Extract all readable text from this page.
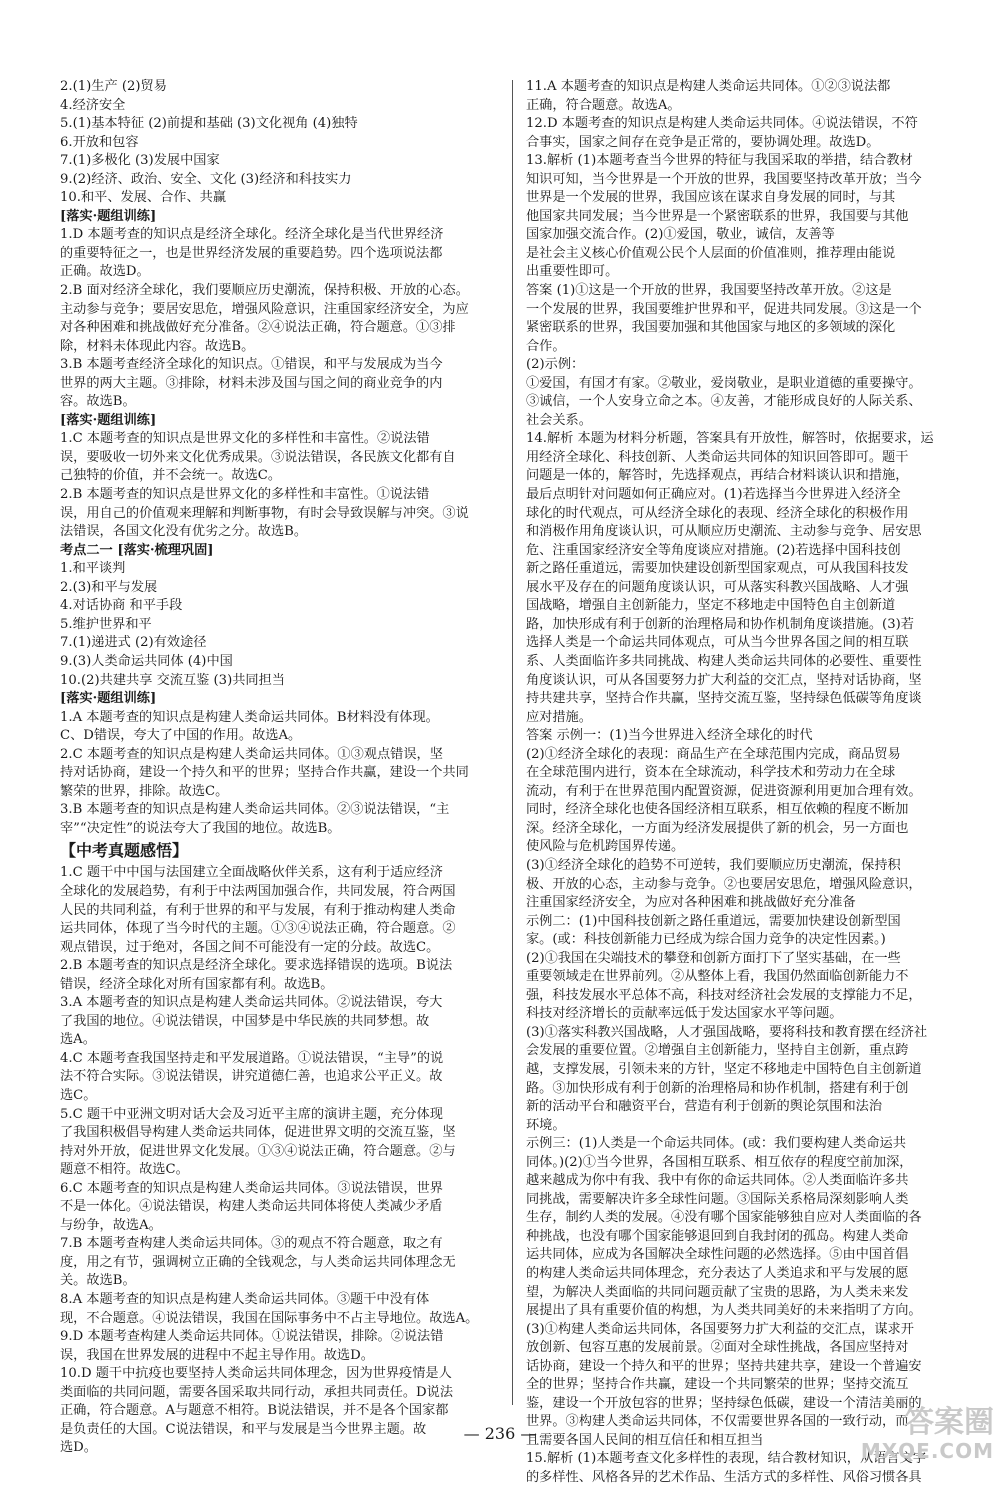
2.(1)生产 (2)贸易
4.经济安全
5.(1)基本特征 (2)前提和基础 (3)文化视角 (4)独特
6.开放和包容
7.(1)多极化 (3)发展中国家
9.(2)经济、政治、安全、文化 (3)经济和科技实力
10.和平、发展、合作、共赢
[落实·题组训练]
1.D 本题考查的知识点是经济全球化。经济全球化是当代世界经济
的重要特征之一，也是世界经济发展的重要趋势。四个选项说法都
正确。故选D。
2.B 面对经济全球化，我们要顺应历史潮流，保持积极、开放的心态。
主动参与竞争；要居安思危，增强风险意识，注重国家经济安全，为应
对各种困难和挑战做好充分准备。②④说法正确，符合题意。①③排
除，材料未体现此内容。故选B。
3.B 本题考查经济全球化的知识点。①错误，和平与发展成为当今
世界的两大主题。③排除，材料未涉及国与国之间的商业竞争的内
容。故选B。
[落实·题组训练]
1.C 本题考查的知识点是世界文化的多样性和丰富性。②说法错
误，要吸收一切外来文化优秀成果。③说法错误，各民族文化都有自
己独特的价值，并不会统一。故选C。
2.B 本题考查的知识点是世界文化的多样性和丰富性。①说法错
误，用自己的价值观来理解和判断事物，有时会导致误解与冲突。③说
法错误，各国文化没有优劣之分。故选B。
考点二一 [落实·梳理巩固]
1.和平谈判
2.(3)和平与发展
4.对话协商 和平手段
5.维护世界和平
7.(1)递进式 (2)有效途径
9.(3)人类命运共同体 (4)中国
10.(2)共建共享 交流互鉴 (3)共同担当
[落实·题组训练]
1.A 本题考查的知识点是构建人类命运共同体。B材料没有体现。
C、D错误，夸大了中国的作用。故选A。
2.C 本题考查的知识点是构建人类命运共同体。①③观点错误，坚
持对话协商，建设一个持久和平的世界；坚持合作共赢，建设一个共同
繁荣的世界，排除。故选C。
3.B 本题考查的知识点是构建人类命运共同体。②③说法错误，“主
宰”“决定性”的说法夸大了我国的地位。故选B。
【中考真题感悟】
1.C 题干中中国与法国建立全面战略伙伴关系，这有利于适应经济
全球化的发展趋势，有利于中法两国加强合作，共同发展，符合两国
人民的共同利益，有利于世界的和平与发展，有利于推动构建人类命
运共同体，体现了当今时代的主题。①③④说法正确，符合题意。②
观点错误，过于绝对，各国之间不可能没有一定的分歧。故选C。
2.B 本题考查的知识点是经济全球化。要求选择错误的选项。B说法
错误，经济全球化对所有国家都有利。故选B。
3.A 本题考查的知识点是构建人类命运共同体。②说法错误，夸大
了我国的地位。④说法错误，中国梦是中华民族的共同梦想。故
选A。
4.C 本题考查我国坚持走和平发展道路。①说法错误，“主导”的说
法不符合实际。③说法错误，讲究道德仁善，也追求公平正义。故
选C。
5.C 题干中亚洲文明对话大会及习近平主席的演讲主题，充分体现
了我国积极倡导构建人类命运共同体，促进世界文明的交流互鉴，坚
持对外开放，促进世界文化发展。①③④说法正确，符合题意。②与
题意不相符。故选C。
6.C 本题考查的知识点是构建人类命运共同体。③说法错误，世界
不是一体化。④说法错误，构建人类命运共同体将使人类减少矛盾
与纷争，故选A。
7.B 本题考查构建人类命运共同体。③的观点不符合题意，取之有
度，用之有节，强调树立正确的全钱观念，与人类命运共同体理念无
关。故选B。
8.A 本题考查的知识点是构建人类命运共同体。③题干中没有体
现，不合题意。④说法错误，我国在国际事务中不占主导地位。故选A。
9.D 本题考查构建人类命运共同体。①说法错误，排除。②说法错
误，我国在世界发展的进程中不起主导作用。故选D。
10.D 题干中抗疫也要坚持人类命运共同体理念，因为世界疫情是人
类面临的共同问题，需要各国采取共同行动，承担共同责任。D说法
正确，符合题意。A与题意不相符。B说法错误，并不是各个国家都
是负责任的大国。C说法错误，和平与发展是当今世界主题。故
选D。
11.A 本题考查的知识点是构建人类命运共同体。①②③说法都
正确，符合题意。故选A。
12.D 本题考查的知识点是构建人类命运共同体。④说法错误，不符
合事实，国家之间存在竞争是正常的，要协调处理。故选D。
13.解析 (1)本题考查当今世界的特征与我国采取的举措，结合教材
知识可知，当今世界是一个开放的世界，我国要坚持改革开放；当今
世界是一个发展的世界，我国应该在谋求自身发展的同时，与其
他国家共同发展；当今世界是一个紧密联系的世界，我国要与其他
国家加强交流合作。(2)①爱国，敬业，诚信，友善等
是社会主义核心价值观公民个人层面的价值准则，推荐理由能说
出重要性即可。
答案 (1)①这是一个开放的世界，我国要坚持改革开放。②这是
一个发展的世界，我国要维护世界和平，促进共同发展。③这是一个
紧密联系的世界，我国要加强和其他国家与地区的多领域的深化
合作。
(2)示例：
①爱国，有国才有家。②敬业，爱岗敬业，是职业道德的重要操守。
③诚信，一个人安身立命之本。④友善，才能形成良好的人际关系、
社会关系。
14.解析 本题为材料分析题，答案具有开放性，解答时，依据要求，运
用经济全球化、科技创新、人类命运共同体的知识回答即可。题干
问题是一体的，解答时，先选择观点，再结合材料谈认识和措施，
最后点明针对问题如何正确应对。(1)若选择当今世界进入经济全
球化的时代观点，可从经济全球化的表现、经济全球化的积极作用
和消极作用角度谈认识，可从顺应历史潮流、主动参与竞争、居安思
危、注重国家经济安全等角度谈应对措施。(2)若选择中国科技创
新之路任重道远，需要加快建设创新型国家观点，可从我国科技发
展水平及存在的问题角度谈认识，可从落实科教兴国战略、人才强
国战略，增强自主创新能力，坚定不移地走中国特色自主创新道
路，加快形成有利于创新的治理格局和协作机制角度谈措施。(3)若
选择人类是一个命运共同体观点，可从当今世界各国之间的相互联
系、人类面临许多共同挑战、构建人类命运共同体的必要性、重要性
角度谈认识，可从各国要努力扩大利益的交汇点，坚持对话协商，坚
持共建共享，坚持合作共赢，坚持交流互鉴，坚持绿色低碳等角度谈
应对措施。
答案 示例一：(1)当今世界进入经济全球化的时代
(2)①经济全球化的表现：商品生产在全球范围内完成，商品贸易
在全球范围内进行，资本在全球流动，科学技术和劳动力在全球
流动，有利于在世界范围内配置资源，促进资源利用更加合理有效。
同时，经济全球化也使各国经济相互联系，相互依赖的程度不断加
深。经济全球化，一方面为经济发展提供了新的机会，另一方面也
使风险与危机跨国界传递。
(3)①经济全球化的趋势不可逆转，我们要顺应历史潮流，保持积
极、开放的心态，主动参与竞争。②也要居安思危，增强风险意识，
注重国家经济安全，为应对各种困难和挑战做好充分准备
示例二：(1)中国科技创新之路任重道远，需要加快建设创新型国
家。(或：科技创新能力已经成为综合国力竞争的决定性因素。)
(2)①我国在尖端技术的攀登和创新方面打下了坚实基础，在一些
重要领域走在世界前列。②从整体上看，我国仍然面临创新能力不
强，科技发展水平总体不高，科技对经济社会发展的支撑能力不足，
科技对经济增长的贡献率远低于发达国家水平等问题。
(3)①落实科教兴国战略，人才强国战略，要将科技和教育摆在经济社
会发展的重要位置。②增强自主创新能力，坚持自主创新，重点跨
越，支撑发展，引领未来的方针，坚定不移地走中国特色自主创新道
路。③加快形成有利于创新的治理格局和协作机制，搭建有利于创
新的活动平台和融资平台，营造有利于创新的舆论氛围和法治
环境。
示例三：(1)人类是一个命运共同体。(或：我们要构建人类命运共
同体。)(2)①当今世界，各国相互联系、相互依存的程度空前加深，
越来越成为你中有我、我中有你的命运共同体。②人类面临许多共
同挑战，需要解决许多全球性问题。③国际关系格局深刻影响人类
生存，制约人类的发展。④没有哪个国家能够独自应对人类面临的各
种挑战，也没有哪个国家能够退回到自我封闭的孤岛。构建人类命
运共同体，应成为各国解决全球性问题的必然选择。⑤由中国首倡
的构建人类命运共同体理念，充分表达了人类追求和平与发展的愿
望，为解决人类面临的共同问题贡献了宝贵的思路，为人类未来发
展提出了具有重要价值的构想，为人类共同美好的未来指明了方向。
(3)①构建人类命运共同体，各国要努力扩大利益的交汇点，谋求开
放创新、包容互惠的发展前景。②面对全球性挑战，各国应坚持对
话协商，建设一个持久和平的世界；坚持共建共享，建设一个普遍安
全的世界；坚持合作共赢，建设一个共同繁荣的世界；坚持交流互
鉴，建设一个开放包容的世界；坚持绿色低碳，建设一个清洁美丽的
世界。③构建人类命运共同体，不仅需要世界各国的一致行动，而
且需要各国人民间的相互信任和相互担当
15.解析 (1)本题考查文化多样性的表现，结合教材知识，从语言文字
的多样性、风格各异的艺术作品、生活方式的多样性、风俗习惯各具
— 236 —	答案圈
MXQE.COM
